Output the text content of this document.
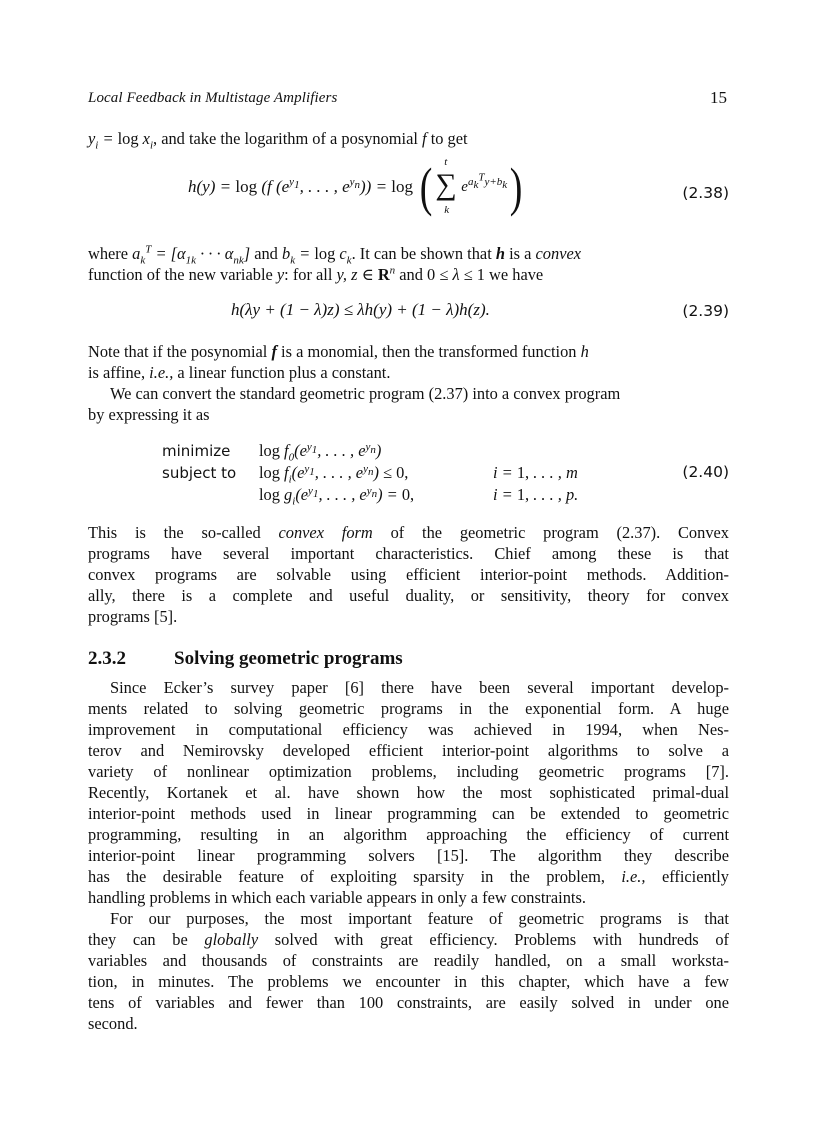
Local Feedback in Multistage Amplifiers	15
$y_i = \log x_i$, and take the logarithm of a posynomial f to get
h(y) = log (f ($e^{y_1}$, . . . , $e^{y_n})) = \log$ ( t
∑
k
$e^{a_k^Ty+b_k}$)	(2.38)
where $a_k^T = [\alpha_{1k}$ · · · $\alpha_{nk}$] and $b_k = \log c_k$. It can be shown that h is a convex
function of the new variable y: for all y, z ∈ $R^n$ and 0 ≤ λ ≤ 1 we have
h(λy + (1 − λ)z) ≤ λh(y) + (1 − λ)h(z).	(2.39)
Note that if the posynomial f is a monomial, then the transformed function h
is affine, i.e., a linear function plus a constant.
We can convert the standard geometric program (2.37) into a convex program
by expressing it as
minimize $\log f_0(e^{y_1}$, . . . , $e^{y_n}$)
subject to $\log f_i(e^{y_1}$, . . . , $e^{y_n}) \le 0$,	i = 1, . . . , m
$\log g_i(e^{y_1}$, . . . , $e^{y_n}) = 0$,	i = 1, . . . , p.
(2.40)
This is the so-called convex form of the geometric program (2.37). Convex
programs have several important characteristics. Chief among these is that
convex programs are solvable using efficient interior-point methods. Addition-
ally, there is a complete and useful duality, or sensitivity, theory for convex
programs [5].
2.3.2	Solving geometric programs
Since Ecker’s survey paper [6] there have been several important develop-
ments related to solving geometric programs in the exponential form. A huge
improvement in computational efficiency was achieved in 1994, when Nes-
terov and Nemirovsky developed efficient interior-point algorithms to solve a
variety of nonlinear optimization problems, including geometric programs [7].
Recently, Kortanek et al. have shown how the most sophisticated primal-dual
interior-point methods used in linear programming can be extended to geometric
programming, resulting in an algorithm approaching the efficiency of current
interior-point linear programming solvers [15]. The algorithm they describe
has the desirable feature of exploiting sparsity in the problem, i.e., efficiently
handling problems in which each variable appears in only a few constraints.
For our purposes, the most important feature of geometric programs is that
they can be globally solved with great efficiency. Problems with hundreds of
variables and thousands of constraints are readily handled, on a small worksta-
tion, in minutes. The problems we encounter in this chapter, which have a few
tens of variables and fewer than 100 constraints, are easily solved in under one
second.
